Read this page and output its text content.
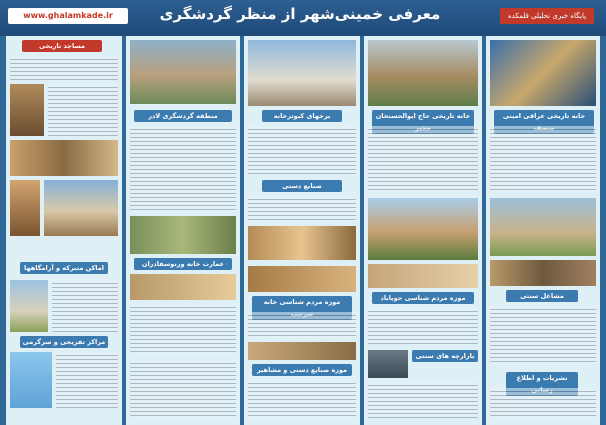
www.ghalamkade.ir	معرفی خمینی‌شهر از منظر گردشگری	پایگاه خبری تحلیلی قلمکده
خانه تاریخی عراقی امینی
مشاغل سنتی
نشریات و اطلاع
خانه تاریخی حاج ابوالحسنخان
موزه مردم شناسی جویاباد
بازارچه های سنتی
برجهای کبوترخانه
صنایع دستی
موزه مردم شناسی خانه
موزه صنایع دستی و مشاهیر
منطقه گردشگری لادر
عمارت خانه ورنوسفادران
مساجد تاریخی
اماکن متبرکه و آرامگاهها
مراکز تفریحی و سرگرمی
